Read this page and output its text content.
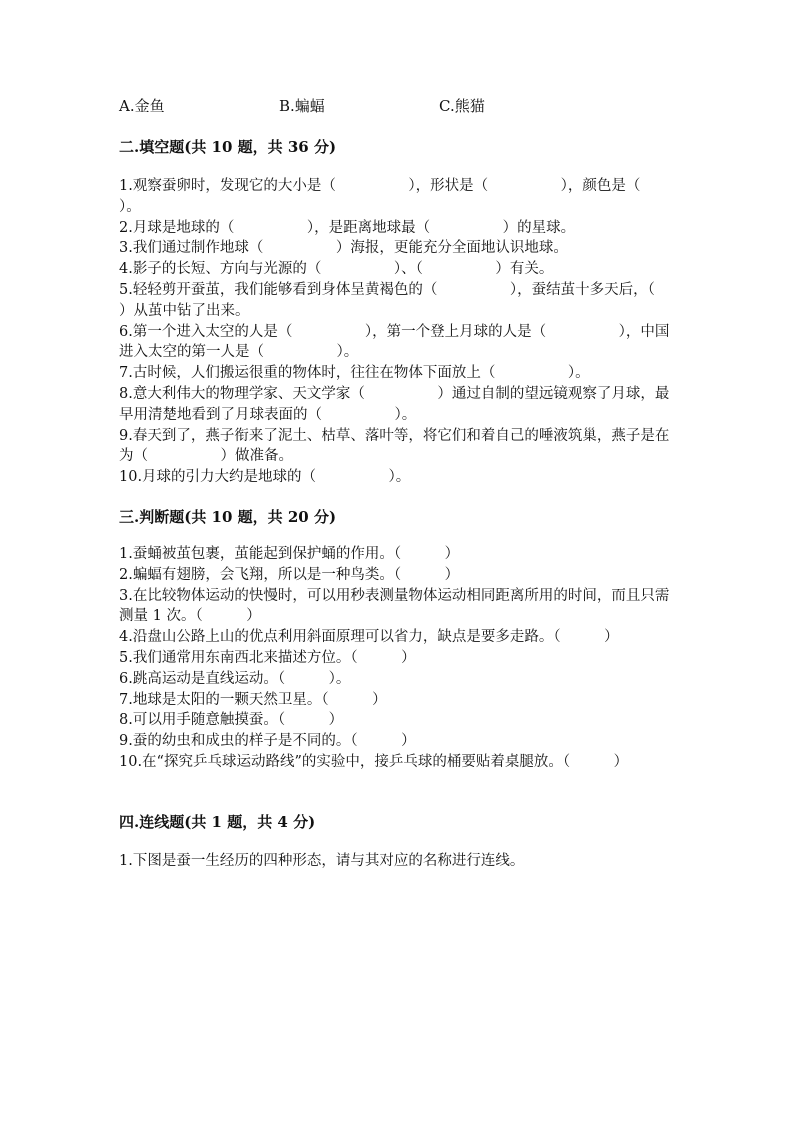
A.金鱼	B.蝙蝠	C.熊猫
二.填空题(共 10 题，共 36 分)

1.观察蚕卵时，发现它的大小是（　　　　　），形状是（　　　　　），颜色是（　　　　　）。

2.月球是地球的（　　　　　），是距离地球最（　　　　　）的星球。

3.我们通过制作地球（　　　　　）海报，更能充分全面地认识地球。

4.影子的长短、方向与光源的（　　　　　）、（　　　　　）有关。

5.轻轻剪开蚕茧，我们能够看到身体呈黄褐色的（　　　　　），蚕结茧十多天后，（　　　　　）从茧中钻了出来。

6.第一个进入太空的人是（　　　　　），第一个登上月球的人是（　　　　　），中国进入太空的第一人是（　　　　　）。

7.古时候，人们搬运很重的物体时，往往在物体下面放上（　　　　　）。

8.意大利伟大的物理学家、天文学家（　　　　　）通过自制的望远镜观察了月球，最早用清楚地看到了月球表面的（　　　　　）。

9.春天到了，燕子衔来了泥土、枯草、落叶等，将它们和着自己的唾液筑巢，燕子是在为（　　　　　）做准备。

10.月球的引力大约是地球的（　　　　　）。

三.判断题(共 10 题，共 20 分)

1.蚕蛹被茧包裹，茧能起到保护蛹的作用。（　　　）

2.蝙蝠有翅膀，会飞翔，所以是一种鸟类。（　　　）

3.在比较物体运动的快慢时，可以用秒表测量物体运动相同距离所用的时间，而且只需测量 1 次。（　　　）

4.沿盘山公路上山的优点利用斜面原理可以省力，缺点是要多走路。（　　　）

5.我们通常用东南西北来描述方位。（　　　）

6.跳高运动是直线运动。（　　　）。

7.地球是太阳的一颗天然卫星。（　　　）

8.可以用手随意触摸蚕。（　　　）

9.蚕的幼虫和成虫的样子是不同的。（　　　）

10.在“探究乒乓球运动路线”的实验中，接乒乓球的桶要贴着桌腿放。（　　　）

四.连线题(共 1 题，共 4 分)

1.下图是蚕一生经历的四种形态，请与其对应的名称进行连线。
